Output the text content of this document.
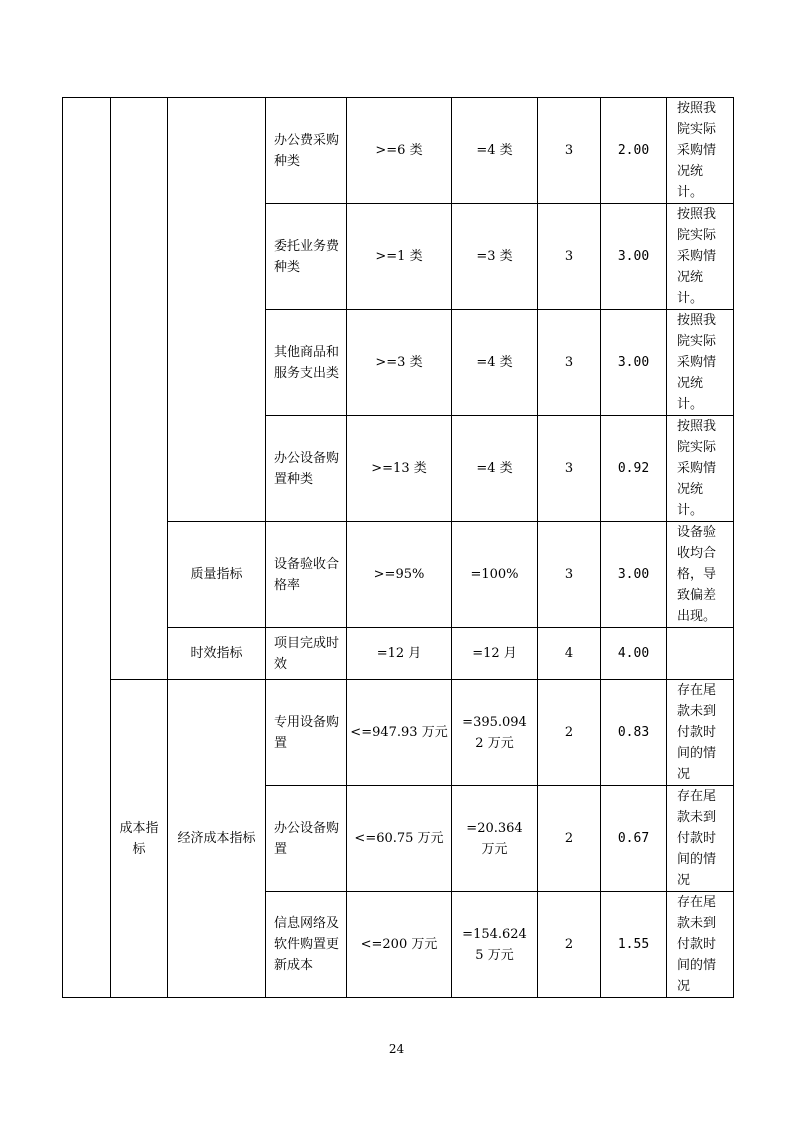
			办公费采购种类	>=6 类	=4 类	3	2.00	按照我院实际采购情况统计。

			委托业务费种类	>=1 类	=3 类	3	3.00	按照我院实际采购情况统计。

			其他商品和服务支出类	>=3 类	=4 类	3	3.00	按照我院实际采购情况统计。

			办公设备购置种类	>=13 类	=4 类	3	0.92	按照我院实际采购情况统计。

		质量指标	设备验收合格率	>=95%	=100%	3	3.00	设备验收均合格，导致偏差出现。

		时效指标	项目完成时效	=12 月	=12 月	4	4.00	

	成本指标	经济成本指标	专用设备购置	<=947.93 万元	=395.0942 万元	2	0.83	存在尾款未到付款时间的情况

			办公设备购置	<=60.75 万元	=20.364 万元	2	0.67	存在尾款未到付款时间的情况

			信息网络及软件购置更新成本	<=200 万元	=154.6245 万元	2	1.55	存在尾款未到付款时间的情况
24
